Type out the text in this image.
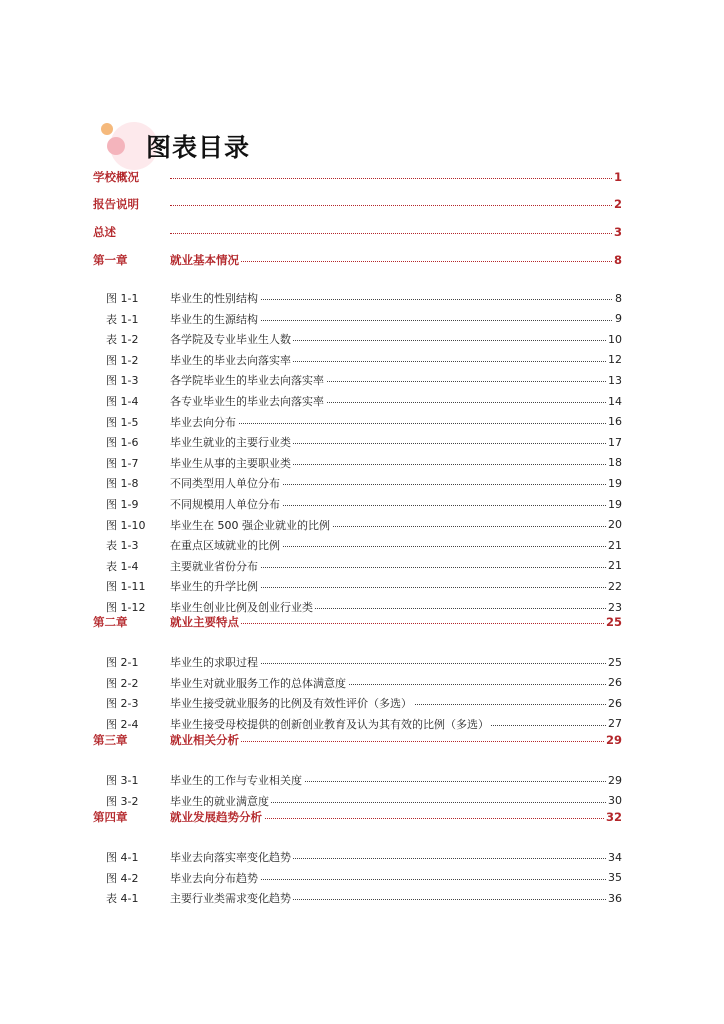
图表目录
学校概况	1
报告说明	2
总述	3
第一章	就业基本情况	8
图 1-1	毕业生的性别结构	8
表 1-1	毕业生的生源结构	9
表 1-2	各学院及专业毕业生人数	10
图 1-2	毕业生的毕业去向落实率	12
图 1-3	各学院毕业生的毕业去向落实率	13
图 1-4	各专业毕业生的毕业去向落实率	14
图 1-5	毕业去向分布	16
图 1-6	毕业生就业的主要行业类	17
图 1-7	毕业生从事的主要职业类	18
图 1-8	不同类型用人单位分布	19
图 1-9	不同规模用人单位分布	19
图 1-10 毕业生在 500 强企业就业的比例	20
表 1-3	在重点区域就业的比例	21
表 1-4	主要就业省份分布	21
图 1-11 毕业生的升学比例	22
图 1-12 毕业生创业比例及创业行业类	23
第二章	就业主要特点	25
图 2-1	毕业生的求职过程	25
图 2-2	毕业生对就业服务工作的总体满意度	26
图 2-3	毕业生接受就业服务的比例及有效性评价（多选）	26
图 2-4	毕业生接受母校提供的创新创业教育及认为其有效的比例（多选）	27
第三章	就业相关分析	29
图 3-1	毕业生的工作与专业相关度	29
图 3-2	毕业生的就业满意度	30
第四章	就业发展趋势分析	32
图 4-1	毕业去向落实率变化趋势	34
图 4-2	毕业去向分布趋势	35
表 4-1	主要行业类需求变化趋势	36
